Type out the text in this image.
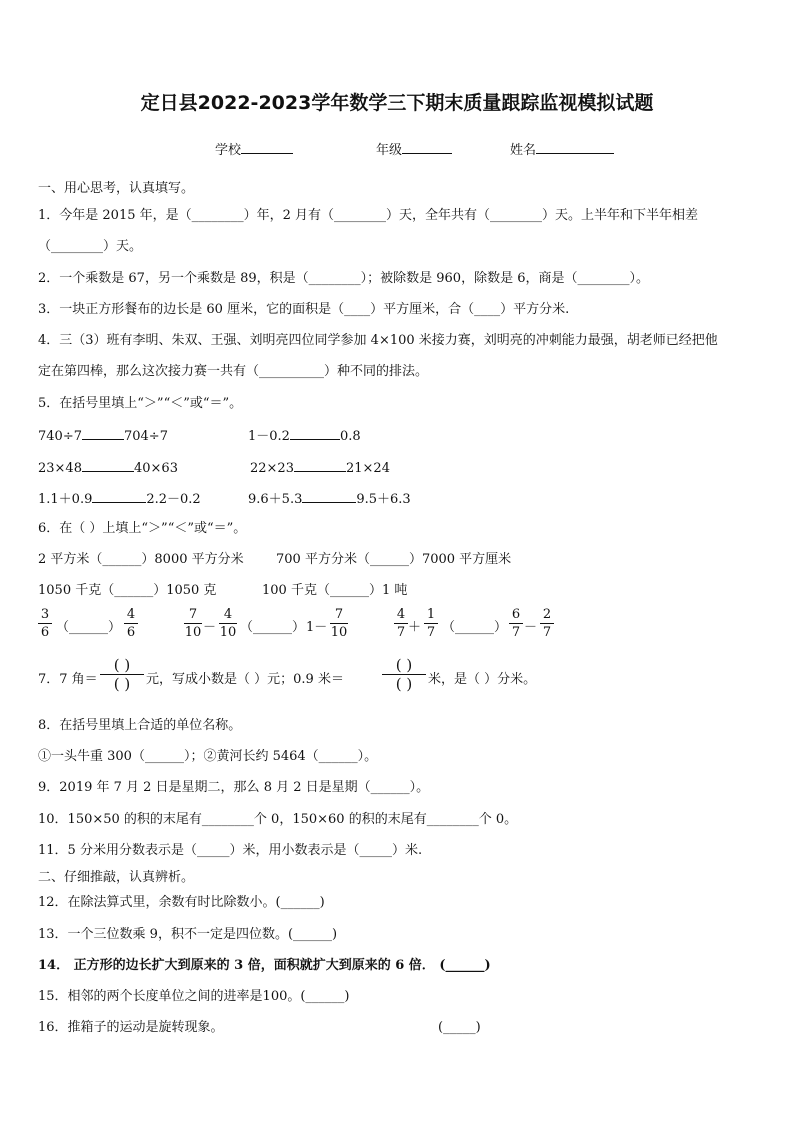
定日县2022-2023学年数学三下期末质量跟踪监视模拟试题
学校	年级	姓名
一、用心思考，认真填写。
1．今年是 2015 年，是（________）年，2 月有（________）天，全年共有（________）天。上半年和下半年相差
（________）天。
2．一个乘数是 67，另一个乘数是 89，积是（________）；被除数是 960，除数是 6，商是（________）。
3．一块正方形餐布的边长是 60 厘米，它的面积是（____）平方厘米，合（____）平方分米.
4．三（3）班有李明、朱双、王强、刘明亮四位同学参加 4×100 米接力赛，刘明亮的冲刺能力最强，胡老师已经把他
定在第四棒，那么这次接力赛一共有（__________）种不同的排法。
5．在括号里填上“＞”“＜”或“＝”。
740÷7	704÷7	1－0.2	0.8
23×48	40×63	22×23	21×24
1.1＋0.9	2.2－0.2	9.6＋5.3	9.5＋6.3
6．在（ ）上填上“＞”“＜”或“＝”。
2 平方米（______）8000 平方分米 700 平方分米（______）7000 平方厘米
1050 千克（______）1050 克	100 千克（______）1 吨
3
6 （______）
4
6
7
10 －
4
10 （______） 1－
7
10
4
7 ＋
1
7 （______）
6
7 －
2
7
7．7 角＝
( )
( )	元，写成小数是（ ）元；0.9 米＝
( )
( )	米，是（ ）分米。
8．在括号里填上合适的单位名称。
①一头牛重 300（______）；②黄河长约 5464（______）。
9．2019 年 7 月 2 日是星期二，那么 8 月 2 日是星期（______）。
10．150×50 的积的末尾有________个 0，150×60 的积的末尾有________个 0。
11．5 分米用分数表示是（_____）米，用小数表示是（_____）米.
二、仔细推敲，认真辨析。
12．在除法算式里，余数有时比除数小。(______)
13．一个三位数乘 9，积不一定是四位数。(______)
14． 正方形的边长扩大到原来的 3 倍，面积就扩大到原来的 6 倍． (______)
15．相邻的两个长度单位之间的进率是100。(______)
16．推箱子的运动是旋转现象。	(_____)
